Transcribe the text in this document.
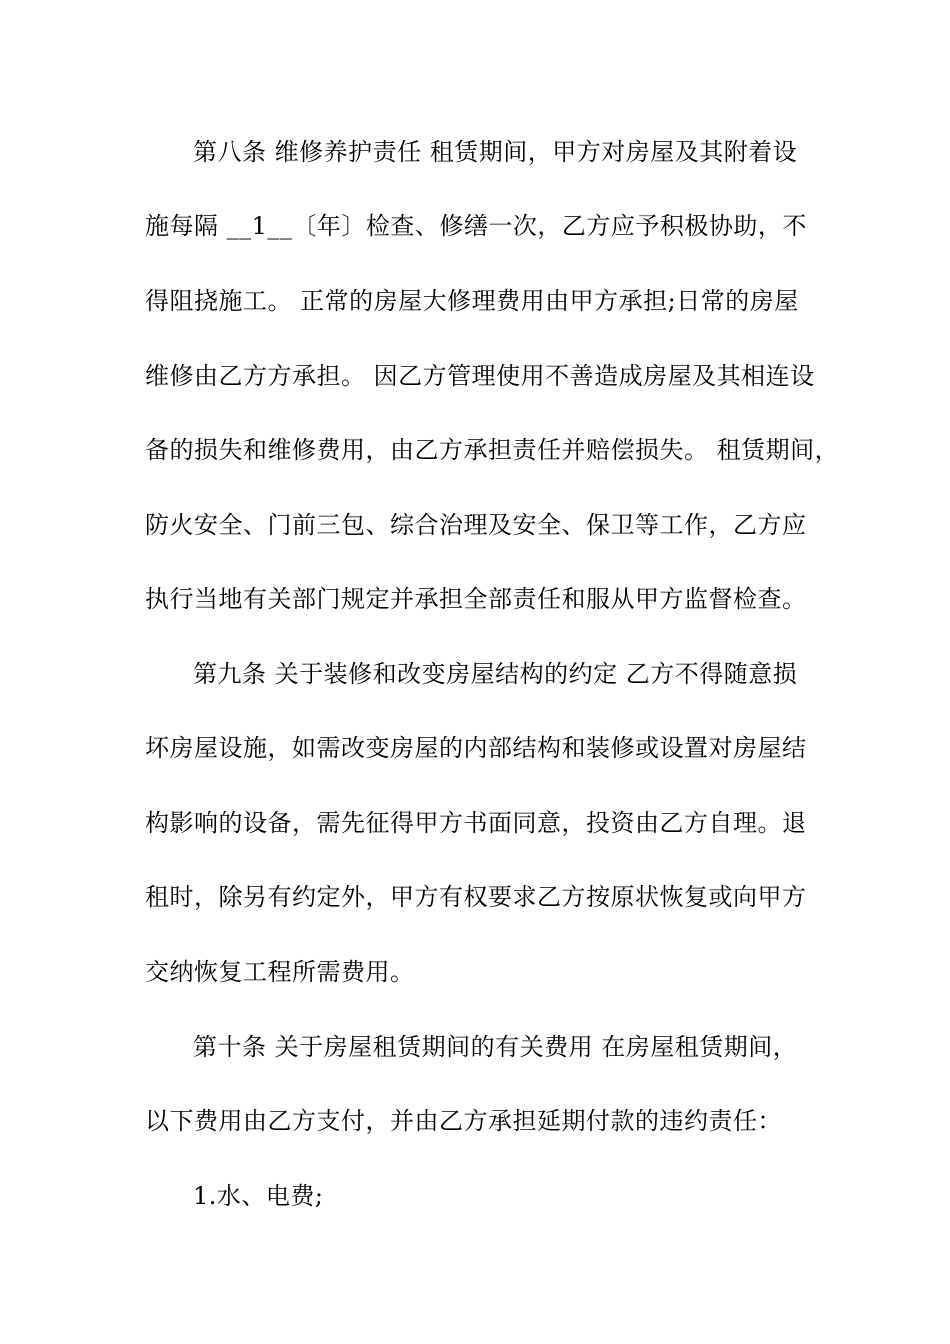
第八条 维修养护责任 租赁期间，甲方对房屋及其附着设
施每隔 __1__〔年〕检查、修缮一次，乙方应予积极协助，不
得阻挠施工。 正常的房屋大修理费用由甲方承担;日常的房屋
维修由乙方方承担。 因乙方管理使用不善造成房屋及其相连设
备的损失和维修费用，由乙方承担责任并赔偿损失。 租赁期间，
防火安全、门前三包、综合治理及安全、保卫等工作，乙方应
执行当地有关部门规定并承担全部责任和服从甲方监督检查。
第九条 关于装修和改变房屋结构的约定 乙方不得随意损
坏房屋设施，如需改变房屋的内部结构和装修或设置对房屋结
构影响的设备，需先征得甲方书面同意，投资由乙方自理。退
租时，除另有约定外，甲方有权要求乙方按原状恢复或向甲方
交纳恢复工程所需费用。
第十条 关于房屋租赁期间的有关费用 在房屋租赁期间，
以下费用由乙方支付，并由乙方承担延期付款的违约责任：
1.水、电费;
